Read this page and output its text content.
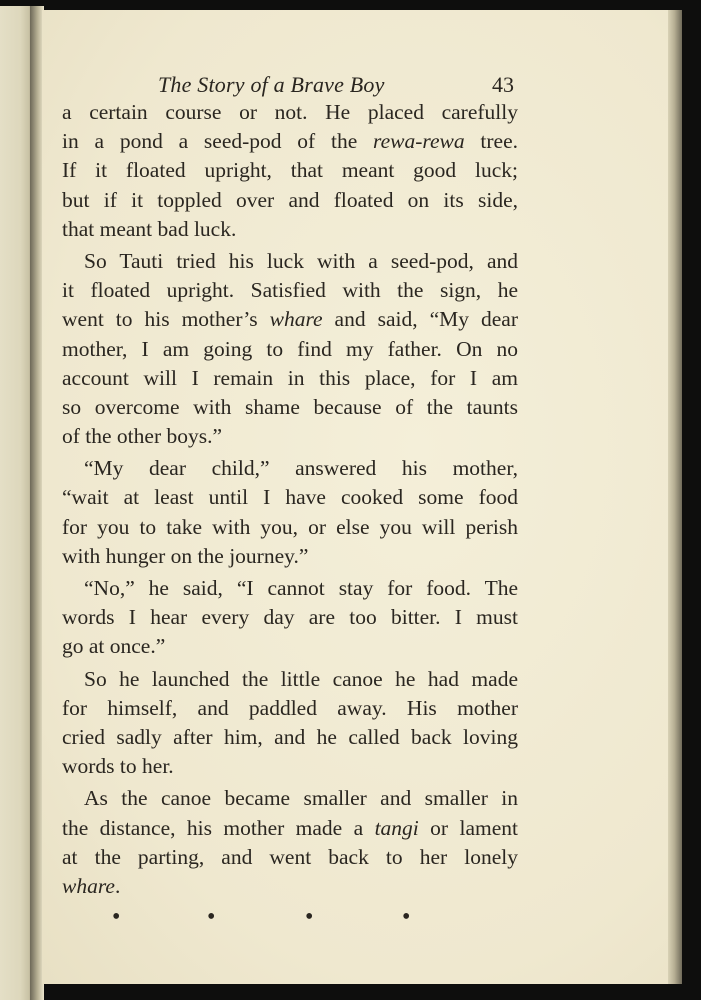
The Story of a Brave Boy	43
a certain course or not. He placed carefully
in a pond a seed-pod of the rewa-rewa tree.
If it floated upright, that meant good luck;
but if it toppled over and floated on its side,
that meant bad luck.
So Tauti tried his luck with a seed-pod, and
it floated upright. Satisfied with the sign, he
went to his mother’s whare and said, “My dear
mother, I am going to find my father. On no
account will I remain in this place, for I am
so overcome with shame because of the taunts
of the other boys.”
“My dear child,” answered his mother,
“wait at least until I have cooked some food
for you to take with you, or else you will perish
with hunger on the journey.”
“No,” he said, “I cannot stay for food. The
words I hear every day are too bitter. I must
go at once.”
So he launched the little canoe he had made
for himself, and paddled away. His mother
cried sadly after him, and he called back loving
words to her.
As the canoe became smaller and smaller in
the distance, his mother made a tangi or lament
at the parting, and went back to her lonely
whare.
•	•	•	•
